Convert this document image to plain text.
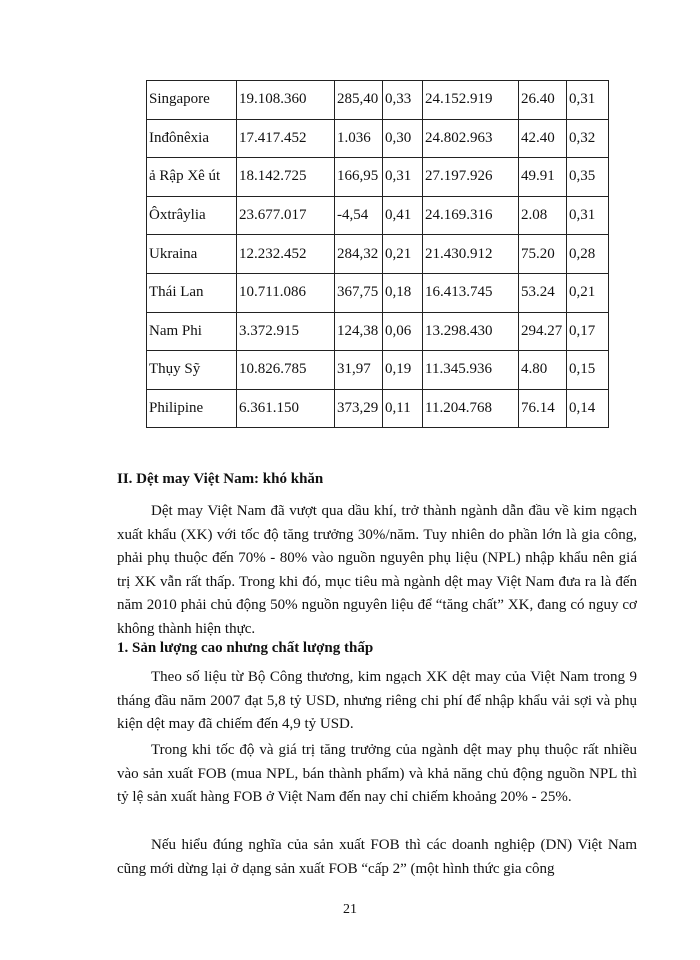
Singapore	19.108.360	285,40	0,33	24.152.919	26.40	0,31
Inđônêxia	17.417.452	1.036	0,30	24.802.963	42.40	0,32
ả Rập Xê út	18.142.725	166,95	0,31	27.197.926	49.91	0,35
Ôxtrâylia	23.677.017	-4,54	0,41	24.169.316	2.08	0,31
Ukraina	12.232.452	284,32	0,21	21.430.912	75.20	0,28
Thái Lan	10.711.086	367,75	0,18	16.413.745	53.24	0,21
Nam Phi	3.372.915	124,38	0,06	13.298.430	294.27	0,17
Thụy Sỹ	10.826.785	31,97	0,19	11.345.936	4.80	0,15
Philipine	6.361.150	373,29	0,11	11.204.768	76.14	0,14
II. Dệt may Việt Nam: khó khăn

Dệt may Việt Nam đã vượt qua dầu khí, trở thành ngành dẫn đầu về kim ngạch xuất khẩu (XK) với tốc độ tăng trưởng 30%/năm. Tuy nhiên do phần lớn là gia công, phải phụ thuộc đến 70% - 80% vào nguồn nguyên phụ liệu (NPL) nhập khẩu nên giá trị XK vẫn rất thấp. Trong khi đó, mục tiêu mà ngành dệt may Việt Nam đưa ra là đến năm 2010 phải chủ động 50% nguồn nguyên liệu để “tăng chất” XK, đang có nguy cơ không thành hiện thực.

1. Sản lượng cao nhưng chất lượng thấp

Theo số liệu từ Bộ Công thương, kim ngạch XK dệt may của Việt Nam trong 9 tháng đầu năm 2007 đạt 5,8 tỷ USD, nhưng riêng chi phí để nhập khẩu vải sợi và phụ kiện dệt may đã chiếm đến 4,9 tỷ USD.

Trong khi tốc độ và giá trị tăng trưởng của ngành dệt may phụ thuộc rất nhiều vào sản xuất FOB (mua NPL, bán thành phẩm) và khả năng chủ động nguồn NPL thì tỷ lệ sản xuất hàng FOB ở Việt Nam đến nay chỉ chiếm khoảng 20% - 25%.

Nếu hiểu đúng nghĩa của sản xuất FOB thì các doanh nghiệp (DN) Việt Nam cũng mới dừng lại ở dạng sản xuất FOB “cấp 2” (một hình thức gia công

21
